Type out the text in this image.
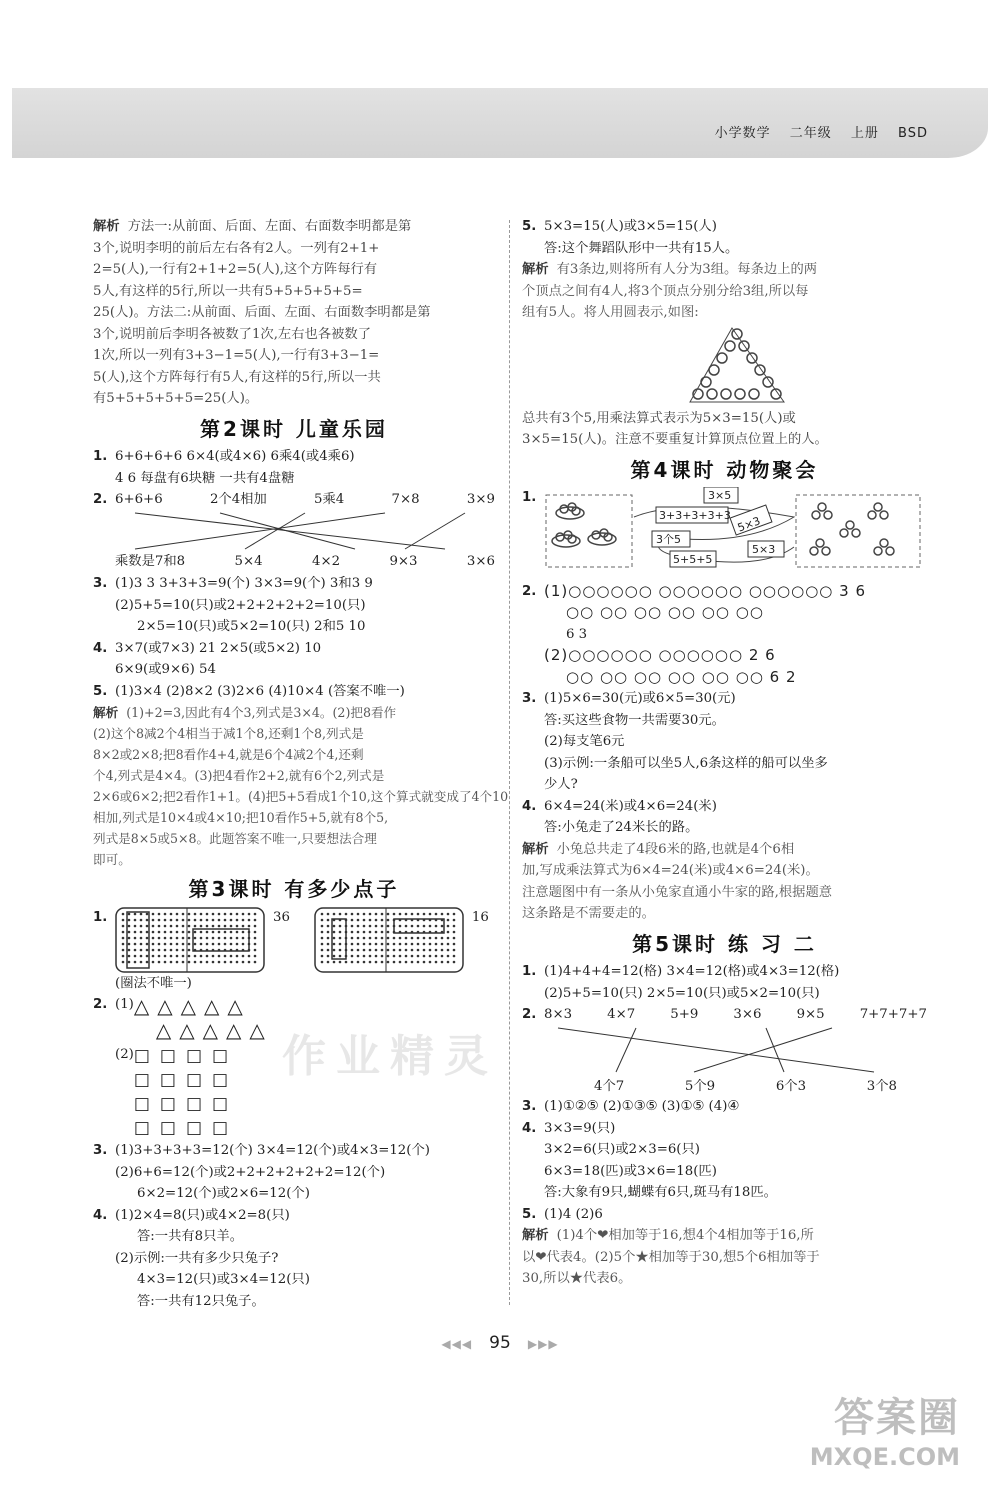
小学数学 二年级 上册 BSD
解析 方法一:从前面、后面、左面、右面数李明都是第
3个,说明李明的前后左右各有2人。一列有2+1+
2=5(人),一行有2+1+2=5(人),这个方阵每行有
5人,有这样的5行,所以一共有5+5+5+5+5=
25(人)。方法二:从前面、后面、左面、右面数李明都是第
3个,说明前后李明各被数了1次,左右也各被数了
1次,所以一列有3+3−1=5(人),一行有3+3−1=
5(人),这个方阵每行有5人,有这样的5行,所以一共
有5+5+5+5+5=25(人)。
第2课时 儿童乐园
1. 6+6+6+6 6×4(或4×6) 6乘4(或4乘6)
4 6 每盘有6块糖 一共有4盘糖
2. 6+6+6	2个4相加	5乘4	7×8	3×9
乘数是7和8	5×4	4×2	9×3	3×6
3. (1)3 3 3+3+3=9(个) 3×3=9(个) 3和3 9
(2)5+5=10(只)或2+2+2+2+2=10(只)
2×5=10(只)或5×2=10(只) 2和5 10
4. 3×7(或7×3) 21 2×5(或5×2) 10
6×9(或9×6) 54
5. (1)3×4 (2)8×2 (3)2×6 (4)10×4 (答案不唯一)
解析 (1)+2=3,因此有4个3,列式是3×4。(2)把8看作
(2)这个8减2个4相当于减1个8,还剩1个8,列式是
8×2或2×8;把8看作4+4,就是6个4减2个4,还剩
个4,列式是4×4。(3)把4看作2+2,就有6个2,列式是
2×6或6×2;把2看作1+1。(4)把5+5看成1个10,这个算式就变成了4个10
相加,列式是10×4或4×10;把10看作5+5,就有8个5,
列式是8×5或5×8。此题答案不唯一,只要想法合理
即可。
第3课时 有多少点子
1.	36	16
(圈法不唯一)
2. (1) △△△△△
△△△△△
(2) □□□□
□□□□
□□□□
□□□□
3. (1)3+3+3+3=12(个) 3×4=12(个)或4×3=12(个)
(2)6+6=12(个)或2+2+2+2+2+2=12(个)
6×2=12(个)或2×6=12(个)
4. (1)2×4=8(只)或4×2=8(只)
答:一共有8只羊。
(2)示例:一共有多少只兔子?
4×3=12(只)或3×4=12(只)
答:一共有12只兔子。
5. 5×3=15(人)或3×5=15(人)
答:这个舞蹈队形中一共有15人。
解析 有3条边,则将所有人分为3组。每条边上的两
个顶点之间有4人,将3个顶点分别分给3组,所以每
组有5人。将人用圆表示,如图:
总共有3个5,用乘法算式表示为5×3=15(人)或
3×5=15(人)。注意不要重复计算顶点位置上的人。
第4课时 动物聚会
1.	3×5
3+3+3+3+3 5×3
3个5
5+5+5
5×3
2. (1)○○○○○○ ○○○○○○ ○○○○○○ 3 6
○○ ○○ ○○ ○○ ○○ ○○
6 3
(2)○○○○○○ ○○○○○○ 2 6
○○ ○○ ○○ ○○ ○○ ○○ 6 2
3. (1)5×6=30(元)或6×5=30(元)
答:买这些食物一共需要30元。
(2)每支笔6元
(3)示例:一条船可以坐5人,6条这样的船可以坐多
少人?
4. 6×4=24(米)或4×6=24(米)
答:小兔走了24米长的路。
解析 小兔总共走了4段6米的路,也就是4个6相
加,写成乘法算式为6×4=24(米)或4×6=24(米)。
注意题图中有一条从小兔家直通小牛家的路,根据题意
这条路是不需要走的。
第5课时 练 习 二
1. (1)4+4+4=12(格) 3×4=12(格)或4×3=12(格)
(2)5+5=10(只) 2×5=10(只)或5×2=10(只)
2. 8×3	4×7	5+9	3×6	9×5	7+7+7+7
4个7	5个9	6个3	3个8
3. (1)①②⑤ (2)①③⑤ (3)①⑤ (4)④
4. 3×3=9(只)
3×2=6(只)或2×3=6(只)
6×3=18(匹)或3×6=18(匹)
答:大象有9只,蝴蝶有6只,斑马有18匹。
5. (1)4 (2)6
解析 (1)4个❤相加等于16,想4个4相加等于16,所
以❤代表4。(2)5个★相加等于30,想5个6相加等于
30,所以★代表6。
作业精灵
◀◀◀ 95 ▶▶▶
答案圈
MXQE.COM
